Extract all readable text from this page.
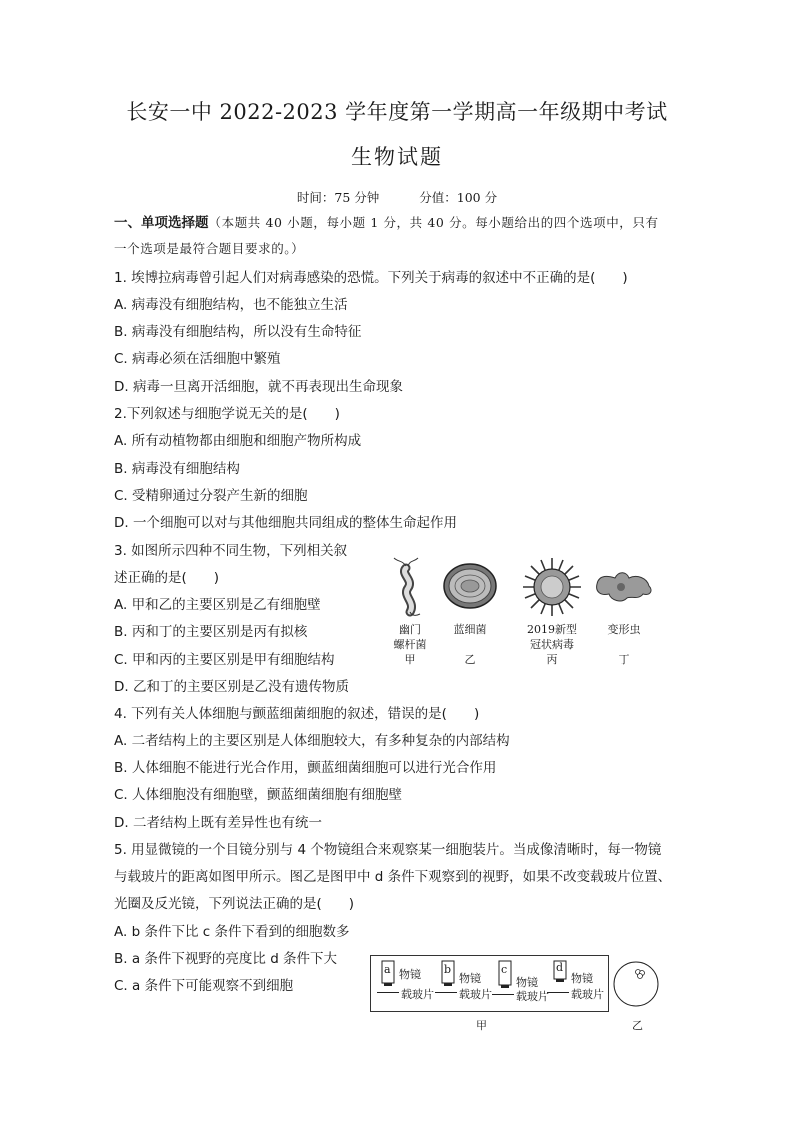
长安一中 2022-2023 学年度第一学期高一年级期中考试
生物试题
时间：75 分钟	分值：100 分
一、单项选择题（本题共 40 小题，每小题 1 分，共 40 分。每小题给出的四个选项中，只有
一个选项是最符合题目要求的。）
1. 埃博拉病毒曾引起人们对病毒感染的恐慌。下列关于病毒的叙述中不正确的是(　　)
A. 病毒没有细胞结构，也不能独立生活
B. 病毒没有细胞结构，所以没有生命特征
C. 病毒必须在活细胞中繁殖
D. 病毒一旦离开活细胞，就不再表现出生命现象
2.下列叙述与细胞学说无关的是(　　)
A. 所有动植物都由细胞和细胞产物所构成
B. 病毒没有细胞结构
C. 受精卵通过分裂产生新的细胞
D. 一个细胞可以对与其他细胞共同组成的整体生命起作用
3. 如图所示四种不同生物，下列相关叙
述正确的是(　　)
A. 甲和乙的主要区别是乙有细胞壁
B. 丙和丁的主要区别是丙有拟核
C. 甲和丙的主要区别是甲有细胞结构
D. 乙和丁的主要区别是乙没有遗传物质
幽门
螺杆菌
甲
蓝细菌
乙
2019新型
冠状病毒
丙
变形虫
丁
4. 下列有关人体细胞与颤蓝细菌细胞的叙述，错误的是(　　)
A. 二者结构上的主要区别是人体细胞较大，有多种复杂的内部结构
B. 人体细胞不能进行光合作用，颤蓝细菌细胞可以进行光合作用
C. 人体细胞没有细胞壁，颤蓝细菌细胞有细胞壁
D. 二者结构上既有差异性也有统一
5. 用显微镜的一个目镜分别与 4 个物镜组合来观察某一细胞装片。当成像清晰时，每一物镜
与载玻片的距离如图甲所示。图乙是图甲中 d 条件下观察到的视野，如果不改变载玻片位置、
光圈及反光镜，下列说法正确的是(　　)
A. b 条件下比 c 条件下看到的细胞数多
B. a 条件下视野的亮度比 d 条件下大
C. a 条件下可能观察不到细胞
a 物镜
载玻片
b
物镜
载玻片
c
物镜
载玻片
d
物镜
载玻片
甲	乙
